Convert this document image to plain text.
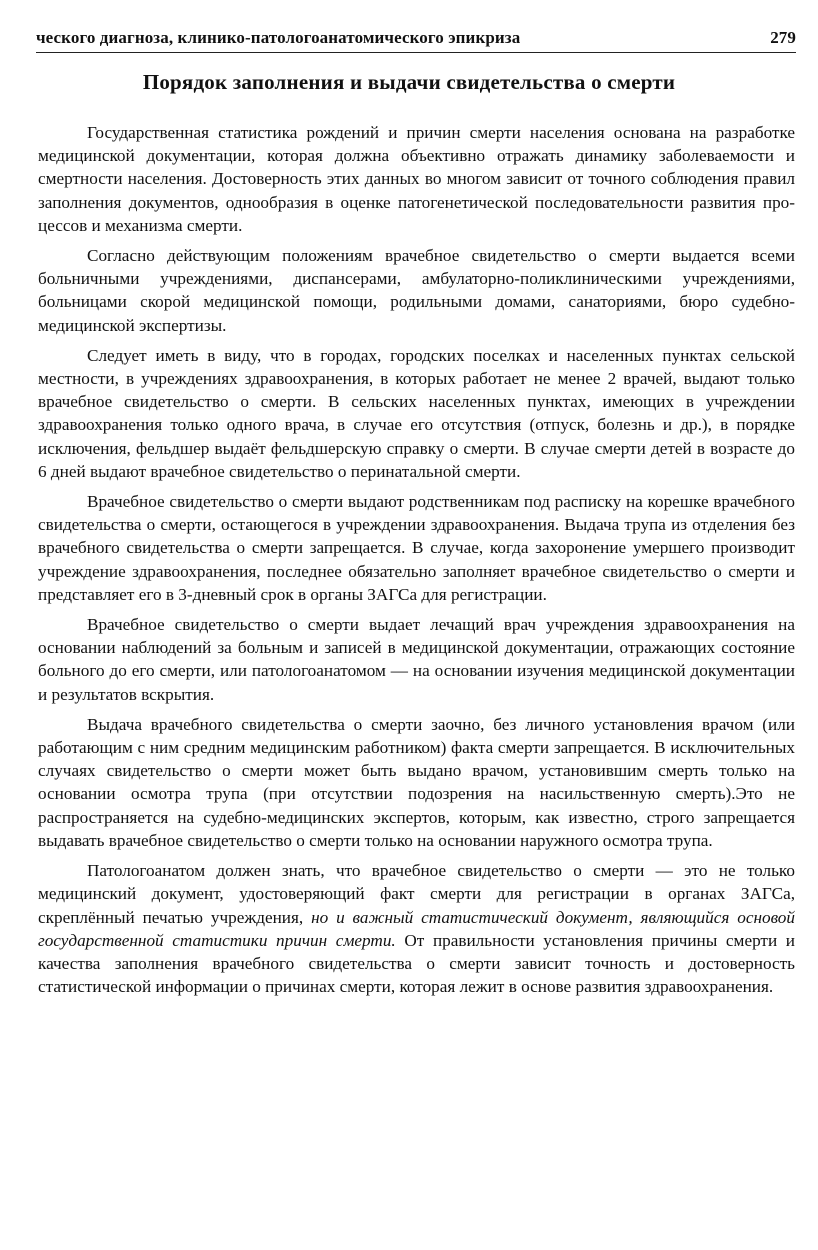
ческого диагноза, клинико-патологоанатомического эпикриза	279
Порядок заполнения и выдачи свидетельства о смерти

Государственная статистика рождений и причин смерти населения основана на разработке медицинской документации, которая должна объективно отражать динамику заболеваемости и смертности населения. Достоверность этих данных во многом зависит от точного соблюдения правил заполнения документов, однообразия в оценке патогенетической последовательности развития процессов и механизма смерти.

Согласно действующим положениям врачебное свидетельство о смерти выдается всеми больничными учреждениями, диспансерами, амбулаторно-поликлиническими учреждениями, больницами скорой медицинской помощи, родильными домами, санаториями, бюро судебно-медицинской экспертизы.

Следует иметь в виду, что в городах, городских поселках и населенных пунктах сельской местности, в учреждениях здравоохранения, в которых работает не менее 2 врачей, выдают только врачебное свидетельство о смерти. В сельских населенных пунктах, имеющих в учреждении здравоохранения только одного врача, в случае его отсутствия (отпуск, болезнь и др.), в порядке исключения, фельдшер выдаёт фельдшерскую справку о смерти. В случае смерти детей в возрасте до 6 дней выдают врачебное свидетельство о перинатальной смерти.

Врачебное свидетельство о смерти выдают родственникам под расписку на корешке врачебного свидетельства о смерти, остающегося в учреждении здравоохранения. Выдача трупа из отделения без врачебного свидетельства о смерти запрещается. В случае, когда захоронение умершего производит учреждение здравоохранения, последнее обязательно заполняет врачебное свидетельство о смерти и представляет его в 3-дневный срок в органы ЗАГСа для регистрации.

Врачебное свидетельство о смерти выдает лечащий врач учреждения здравоохранения на основании наблюдений за больным и записей в медицинской документации, отражающих состояние больного до его смерти, или патологоанатомом — на основании изучения медицинской документации и результатов вскрытия.

Выдача врачебного свидетельства о смерти заочно, без личного установления врачом (или работающим с ним средним медицинским работником) факта смерти запрещается. В исключительных случаях свидетельство о смерти может быть выдано врачом, установившим смерть только на основании осмотра трупа (при отсутствии подозрения на насильственную смерть).Это не распространяется на судебно-медицинских экспертов, которым, как известно, строго запрещается выдавать врачебное свидетельство о смерти только на основании наружного осмотра трупа.

Патологоанатом должен знать, что врачебное свидетельство о смерти — это не только медицинский документ, удостоверяющий факт смерти для регистрации в органах ЗАГСа, скреплённый печатью учреждения, но и важный статистический документ, являющийся основой государственной статистики причин смерти. От правильности установления причины смерти и качества заполнения врачебного свидетельства о смерти зависит точность и достоверность статистической информации о причинах смерти, которая лежит в основе развития здравоохранения.
